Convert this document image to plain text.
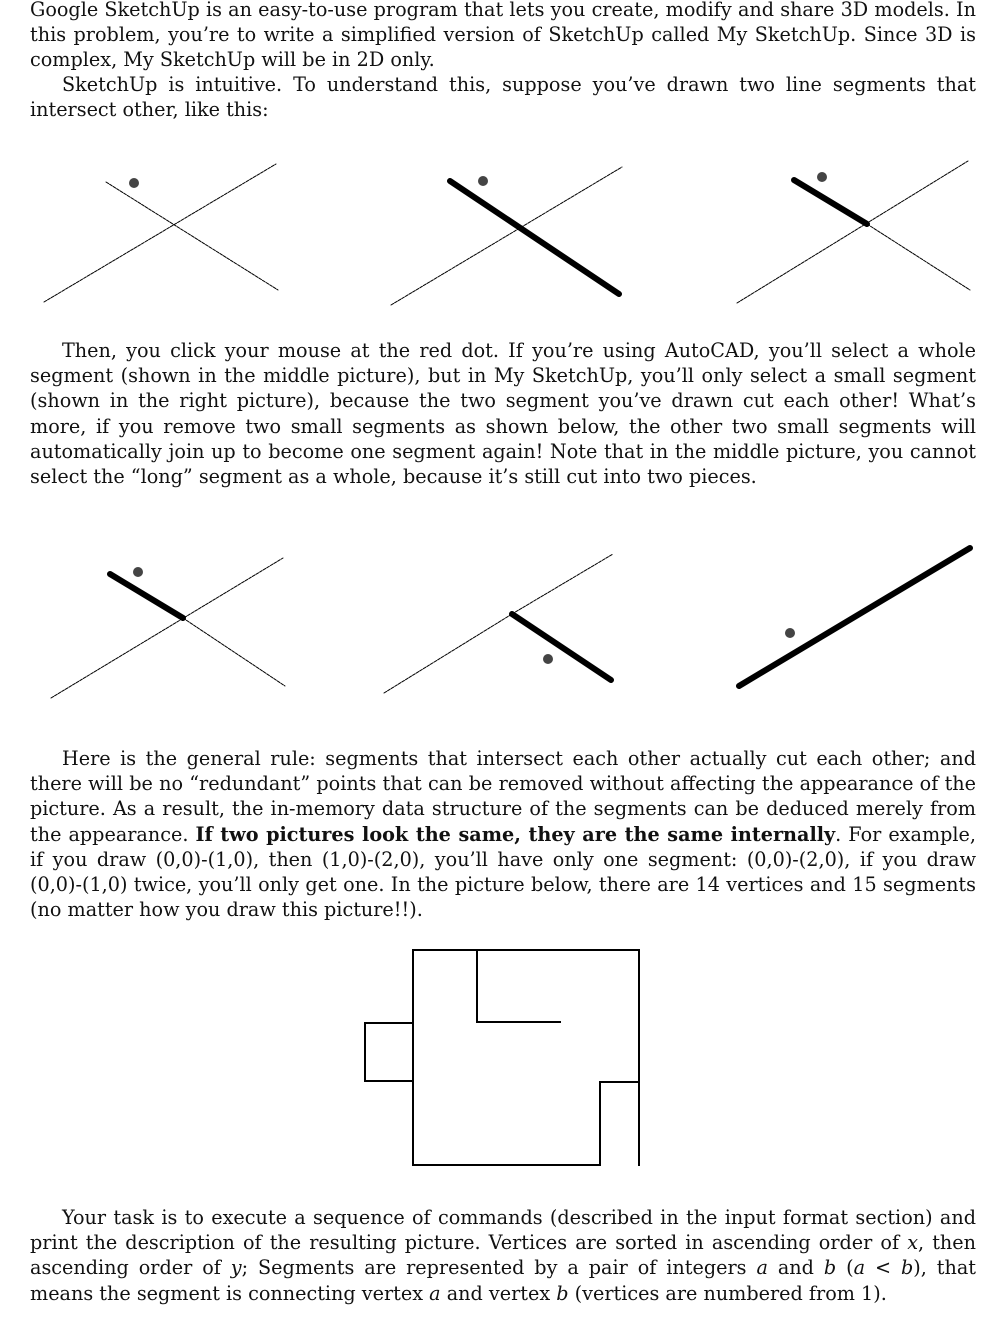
Google SketchUp is an easy-to-use program that lets you create, modify and share 3D models. In this problem, you’re to write a simplified version of SketchUp called My SketchUp. Since 3D is complex, My SketchUp will be in 2D only.

SketchUp is intuitive. To understand this, suppose you’ve drawn two line segments that intersect other, like this:

Then, you click your mouse at the red dot. If you’re using AutoCAD, you’ll select a whole segment (shown in the middle picture), but in My SketchUp, you’ll only select a small segment (shown in the right picture), because the two segment you’ve drawn cut each other! What’s more, if you remove two small segments as shown below, the other two small segments will automatically join up to become one segment again! Note that in the middle picture, you cannot select the “long” segment as a whole, because it’s still cut into two pieces.

Here is the general rule: segments that intersect each other actually cut each other; and there will be no “redundant” points that can be removed without affecting the appearance of the picture. As a result, the in-memory data structure of the segments can be deduced merely from the appearance. If two pictures look the same, they are the same internally. For example, if you draw (0,0)-(1,0), then (1,0)-(2,0), you’ll have only one segment: (0,0)-(2,0), if you draw (0,0)-(1,0) twice, you’ll only get one. In the picture below, there are 14 vertices and 15 segments (no matter how you draw this picture!!).

Your task is to execute a sequence of commands (described in the input format section) and print the description of the resulting picture. Vertices are sorted in ascending order of x, then ascending order of y; Segments are represented by a pair of integers a and b (a < b), that means the segment is connecting vertex a and vertex b (vertices are numbered from 1).
